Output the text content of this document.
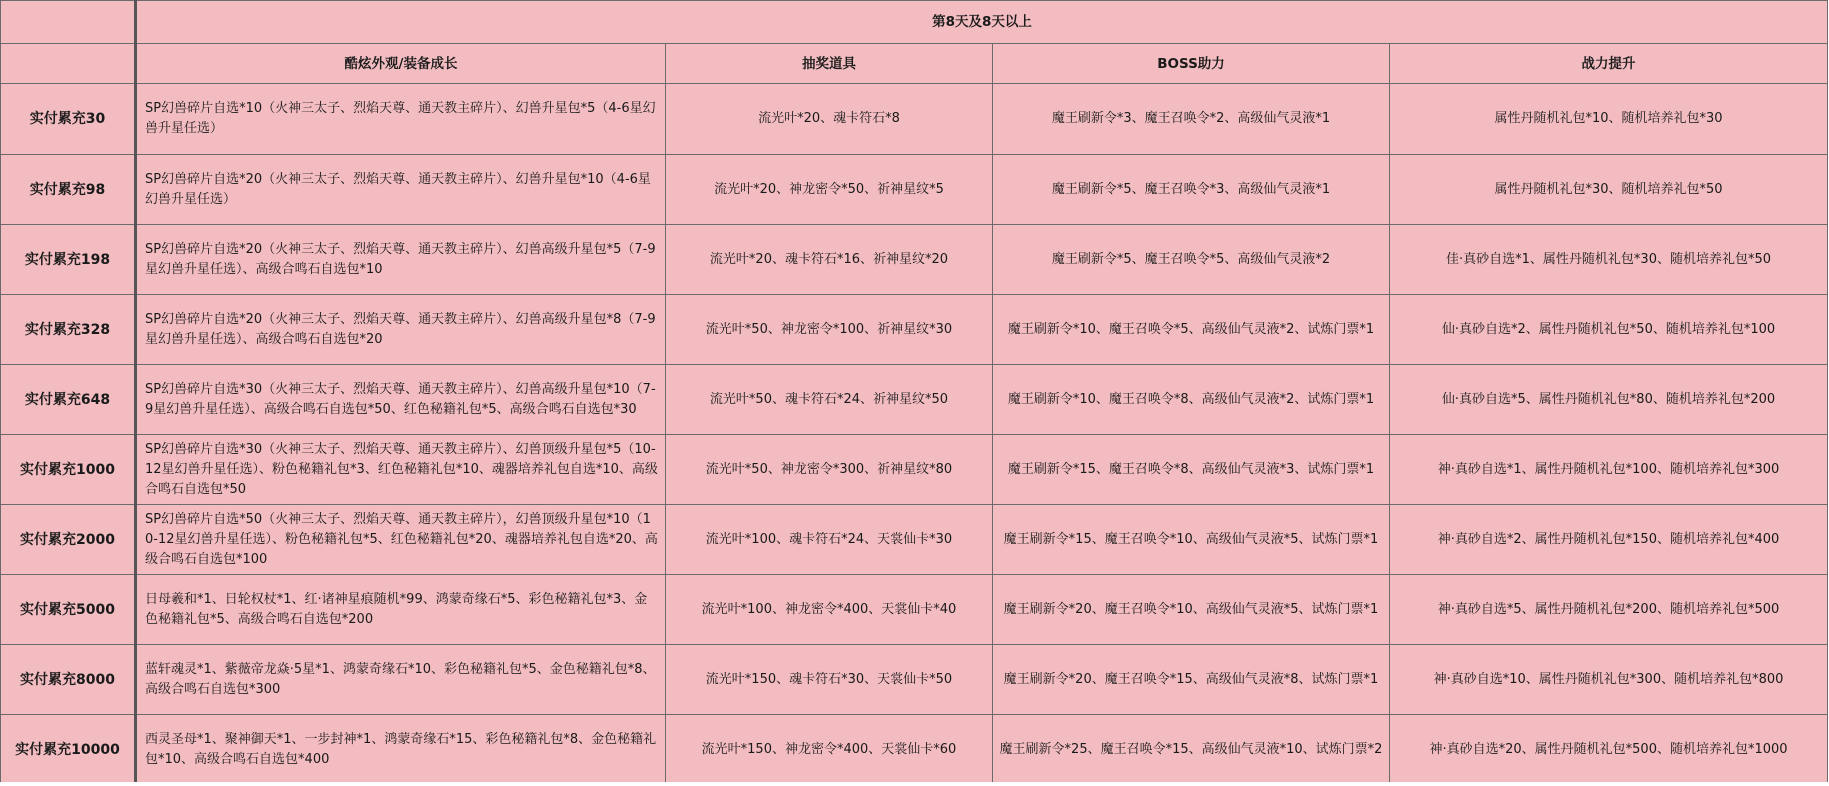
	第8天及8天以上			
	酷炫外观/装备成长	抽奖道具	BOSS助力	战力提升
实付累充30	SP幻兽碎片自选*10（火神三太子、烈焰天尊、通天教主碎片）、幻兽升星包*5（4-6星幻兽升星任选）	流光叶*20、魂卡符石*8	魔王刷新令*3、魔王召唤令*2、高级仙气灵液*1	属性丹随机礼包*10、随机培养礼包*30
实付累充98	SP幻兽碎片自选*20（火神三太子、烈焰天尊、通天教主碎片）、幻兽升星包*10（4-6星幻兽升星任选）	流光叶*20、神龙密令*50、祈神星纹*5	魔王刷新令*5、魔王召唤令*3、高级仙气灵液*1	属性丹随机礼包*30、随机培养礼包*50
实付累充198	SP幻兽碎片自选*20（火神三太子、烈焰天尊、通天教主碎片）、幻兽高级升星包*5（7-9星幻兽升星任选）、高级合鸣石自选包*10	流光叶*20、魂卡符石*16、祈神星纹*20	魔王刷新令*5、魔王召唤令*5、高级仙气灵液*2	佳·真砂自选*1、属性丹随机礼包*30、随机培养礼包*50
实付累充328	SP幻兽碎片自选*20（火神三太子、烈焰天尊、通天教主碎片）、幻兽高级升星包*8（7-9星幻兽升星任选）、高级合鸣石自选包*20	流光叶*50、神龙密令*100、祈神星纹*30	魔王刷新令*10、魔王召唤令*5、高级仙气灵液*2、试炼门票*1	仙·真砂自选*2、属性丹随机礼包*50、随机培养礼包*100
实付累充648	SP幻兽碎片自选*30（火神三太子、烈焰天尊、通天教主碎片）、幻兽高级升星包*10（7-9星幻兽升星任选）、高级合鸣石自选包*50、红色秘籍礼包*5、高级合鸣石自选包*30	流光叶*50、魂卡符石*24、祈神星纹*50	魔王刷新令*10、魔王召唤令*8、高级仙气灵液*2、试炼门票*1	仙·真砂自选*5、属性丹随机礼包*80、随机培养礼包*200
实付累充1000	SP幻兽碎片自选*30（火神三太子、烈焰天尊、通天教主碎片）、幻兽顶级升星包*5（10-12星幻兽升星任选）、粉色秘籍礼包*3、红色秘籍礼包*10、魂器培养礼包自选*10、高级合鸣石自选包*50	流光叶*50、神龙密令*300、祈神星纹*80	魔王刷新令*15、魔王召唤令*8、高级仙气灵液*3、试炼门票*1	神·真砂自选*1、属性丹随机礼包*100、随机培养礼包*300
实付累充2000	SP幻兽碎片自选*50（火神三太子、烈焰天尊、通天教主碎片），幻兽顶级升星包*10（10-12星幻兽升星任选）、粉色秘籍礼包*5、红色秘籍礼包*20、魂器培养礼包自选*20、高级合鸣石自选包*100	流光叶*100、魂卡符石*24、天裳仙卡*30	魔王刷新令*15、魔王召唤令*10、高级仙气灵液*5、试炼门票*1	神·真砂自选*2、属性丹随机礼包*150、随机培养礼包*400
实付累充5000	日母羲和*1、日轮权杖*1、红·诸神星痕随机*99、鸿蒙奇缘石*5、彩色秘籍礼包*3、金色秘籍礼包*5、高级合鸣石自选包*200	流光叶*100、神龙密令*400、天裳仙卡*40	魔王刷新令*20、魔王召唤令*10、高级仙气灵液*5、试炼门票*1	神·真砂自选*5、属性丹随机礼包*200、随机培养礼包*500
实付累充8000	蓝轩魂灵*1、紫薇帝龙焱·5星*1、鸿蒙奇缘石*10、彩色秘籍礼包*5、金色秘籍礼包*8、高级合鸣石自选包*300	流光叶*150、魂卡符石*30、天裳仙卡*50	魔王刷新令*20、魔王召唤令*15、高级仙气灵液*8、试炼门票*1	神·真砂自选*10、属性丹随机礼包*300、随机培养礼包*800
实付累充10000	西灵圣母*1、聚神御天*1、一步封神*1、鸿蒙奇缘石*15、彩色秘籍礼包*8、金色秘籍礼包*10、高级合鸣石自选包*400	流光叶*150、神龙密令*400、天裳仙卡*60	魔王刷新令*25、魔王召唤令*15、高级仙气灵液*10、试炼门票*2	神·真砂自选*20、属性丹随机礼包*500、随机培养礼包*1000
